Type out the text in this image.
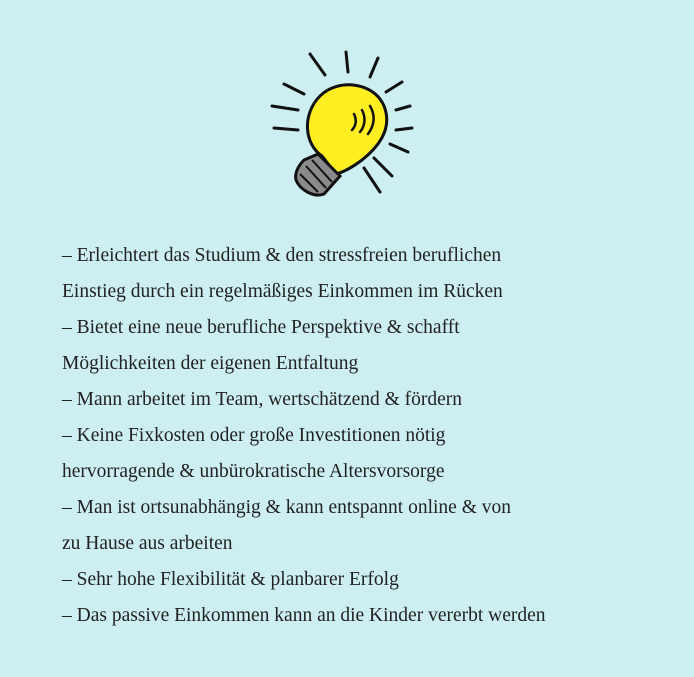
– Erleichtert das Studium & den stressfreien beruflichen
Einstieg durch ein regelmäßiges Einkommen im Rücken
– Bietet eine neue berufliche Perspektive & schafft
Möglichkeiten der eigenen Entfaltung
– Mann arbeitet im Team, wertschätzend & fördern
– Keine Fixkosten oder große Investitionen nötig
hervorragende & unbürokratische Altersvorsorge
– Man ist ortsunabhängig & kann entspannt online & von
zu Hause aus arbeiten
– Sehr hohe Flexibilität & planbarer Erfolg
– Das passive Einkommen kann an die Kinder vererbt werden
